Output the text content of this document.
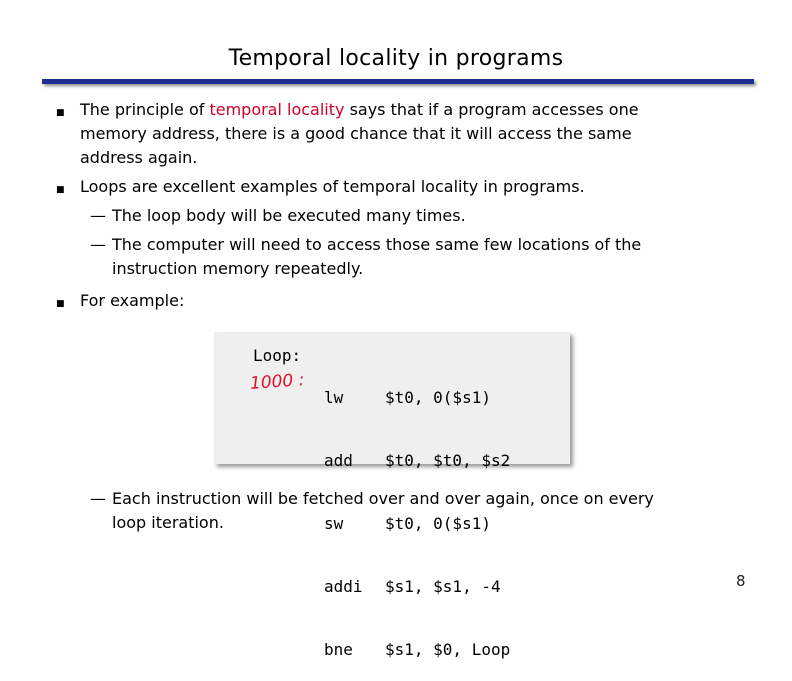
Temporal locality in programs
■ The principle of temporal locality says that if a program accesses one
memory address, there is a good chance that it will access the same
address again.
■ Loops are excellent examples of temporal locality in programs.
— The loop body will be executed many times.
— The computer will need to access those same few locations of the
instruction memory repeatedly.
■ For example:
— Each instruction will be fetched over and over again, once on every
loop iteration.
Loop:

lw

add

sw

addi

bne

$t0, 0($s1)

$t0, $t0, $s2

$t0, 0($s1)

$s1, $s1, -4

$s1, $0, Loop

1000 :
8
